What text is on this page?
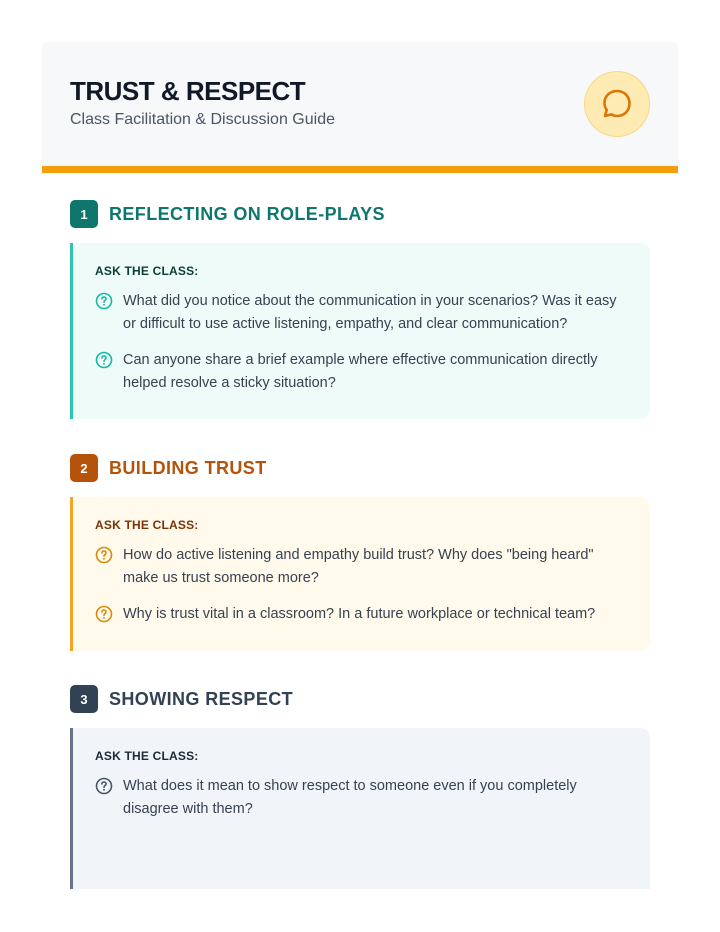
TRUST & RESPECT
Class Facilitation & Discussion Guide
1	REFLECTING ON ROLE-PLAYS
ASK THE CLASS:
What did you notice about the communication in your scenarios? Was it easy or difficult to use active listening, empathy, and clear communication?
Can anyone share a brief example where effective communication directly helped resolve a sticky situation?
2	BUILDING TRUST
ASK THE CLASS:
How do active listening and empathy build trust? Why does "being heard" make us trust someone more?
Why is trust vital in a classroom? In a future workplace or technical team?
3	SHOWING RESPECT
ASK THE CLASS:
What does it mean to show respect to someone even if you completely disagree with them?
